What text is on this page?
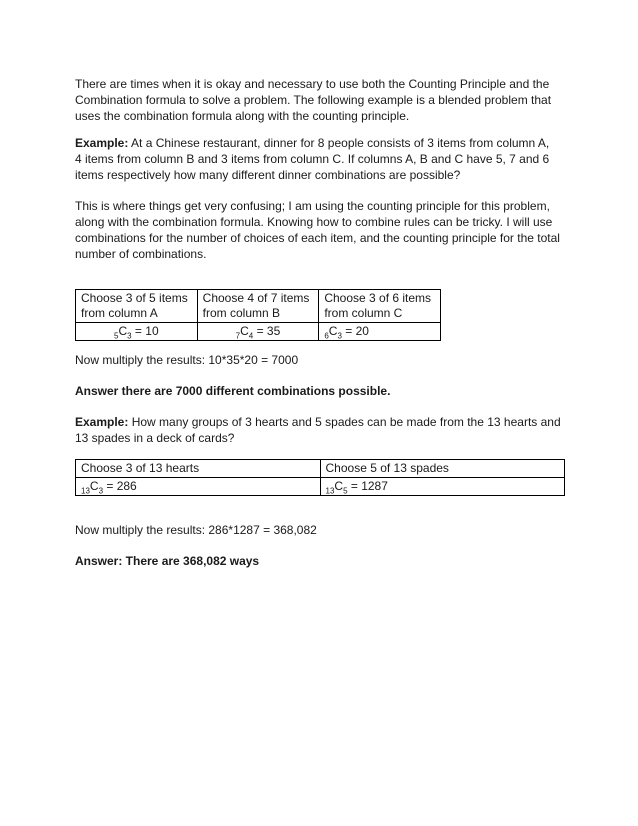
There are times when it is okay and necessary to use both the Counting Principle and the Combination formula to solve a problem. The following example is a blended problem that uses the combination formula along with the counting principle.

Example: At a Chinese restaurant, dinner for 8 people consists of 3 items from column A,
4 items from column B and 3 items from column C. If columns A, B and C have 5, 7 and 6 items respectively how many different dinner combinations are possible?

This is where things get very confusing; I am using the counting principle for this problem, along with the combination formula. Knowing how to combine rules can be tricky. I will use combinations for the number of choices of each item, and the counting principle for the total number of combinations.

Choose 3 of 5 items
from column A	Choose 4 of 7 items
from column B	Choose 3 of 6 items
from column C
$_5C_3 = 10$	$_7C_4 = 35$	$_6C_3 = 20$

Now multiply the results: 10*35*20 = 7000

Answer there are 7000 different combinations possible.

Example: How many groups of 3 hearts and 5 spades can be made from the 13 hearts and 13 spades in a deck of cards?

Choose 3 of 13 hearts	Choose 5 of 13 spades
$_{13}C_3 = 286$	$_{13}C_5 = 1287$

Now multiply the results: 286*1287 = 368,082

Answer: There are 368,082 ways
